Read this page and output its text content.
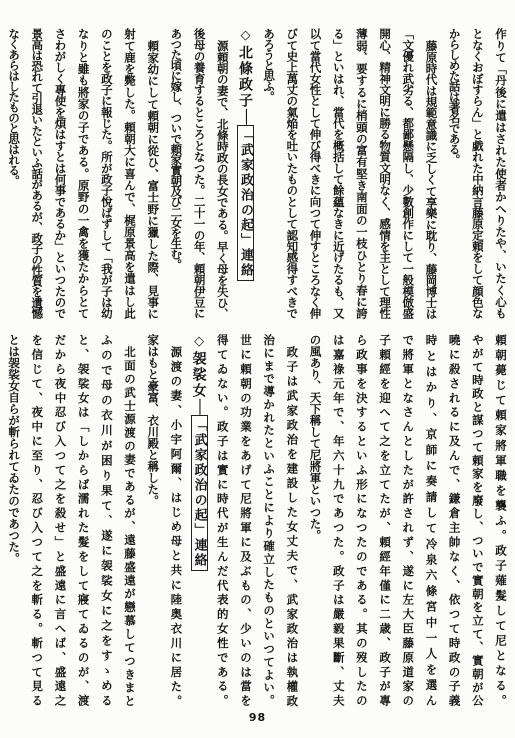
作りて「丹後に遣はされた使者かへりたや、いたく心も
となくおぼすらん」と戯れた中納言藤原定頼をして顔色な
からしめた話は著名である。
藤原時代は規範意識に乏しくて享樂に耽り、藤岡博士は
「文優れ武劣る、都鄙懸隔し、少數創作にして一般模倣盛
開心、精神文明に勝る物質文明なく、感情を主として理性
薄弱、要するに梢頭の富有堅き南面の一枝ひとり春に誇
る」といはれ、當代を概括して餘蘊なきに近げたるも、又
以て當代女性として伸び得べきに向つて伸すところなく伸
びて史上萬丈の氣焔を吐いたものとして認知感得すべきで
あろうと思ふ。
◇北條政子──「武家政治の起」連絡
源頼朝の妻で、北條時政の長女である。早く母を失ひ、
後母の養育するところとなつた。二十一の年、頼朝伊豆に
あつた頃に嫁し、ついで頼家實朝及び二女を生む。
頼家幼にして頼朝に從ひ、富士野に獵した際、見事に
射て鹿を斃した。頼朝大に喜んで、梶原景高を遣はし此
のことを政子に報じた。所が政子悅ばずして「我が子は幼
なりと雖も將家の子である。原野の一禽を獲たからとて
さわがしく專使を煩はすとは何事であるか」といつたので
景高は恐れて引退いたといふ話があるが、政子の性質を遺憾
なくあらはしたものと思はれる。
頼朝薨じて頼家將軍職を襲ふ。政子薙髮して尼となる。
やがて時政と謀つて頼家を廢し、ついで實朝を立て、實朝が公
曉に殺されるに及んで、鎌倉主帥なく、依つて時政の子義
時とはかり、京師に奏請して冷泉六條宮中一人を選ん
で將軍となさんとしたが許されず、遂に左大臣藤原道家の
子頼經を迎へて之を立てたが、頼經年僅に二歳、政子が專
ら政事を決するといふ形になつたのである。其の歿したの
は嘉祿元年で、年六十九であつた。政子は嚴毅果斷、丈夫
の風あり、天下稱して尼將軍といつた。
政子は武家政治を建設した女丈夫で、武家政治は執權政
治にまで導かれたといふことにより確立したものといつてよい。
世に頼朝の功業をあげて尼將軍に及ぶもの、少いのは當を
得てゐない。政子は實に時代が生んだ代表的女性である。
◇袈裟女──「武家政治の起」連絡
源渡の妻、小宇阿爾、はじめ母と共に陸奥衣川に居た。
家はもと豪富、衣川殿と稱した。
北面の武士源渡の妻であるが、遠藤盛遠が戀慕してつきまと
ふので母の衣川が困り果て、遂に袈裟女に之をすゝめる
と、袈裟女は「しからば濡れた髮をして寢てゐるのが、渡
だから夜中忍び入つて之を殺せ」と盛遠に言へば、盛遠之
を信じて、夜中に至り、忍び入つて之を斬る。斬つて見る
とは袈裟女自らが斬られてゐたのであつた。
98
